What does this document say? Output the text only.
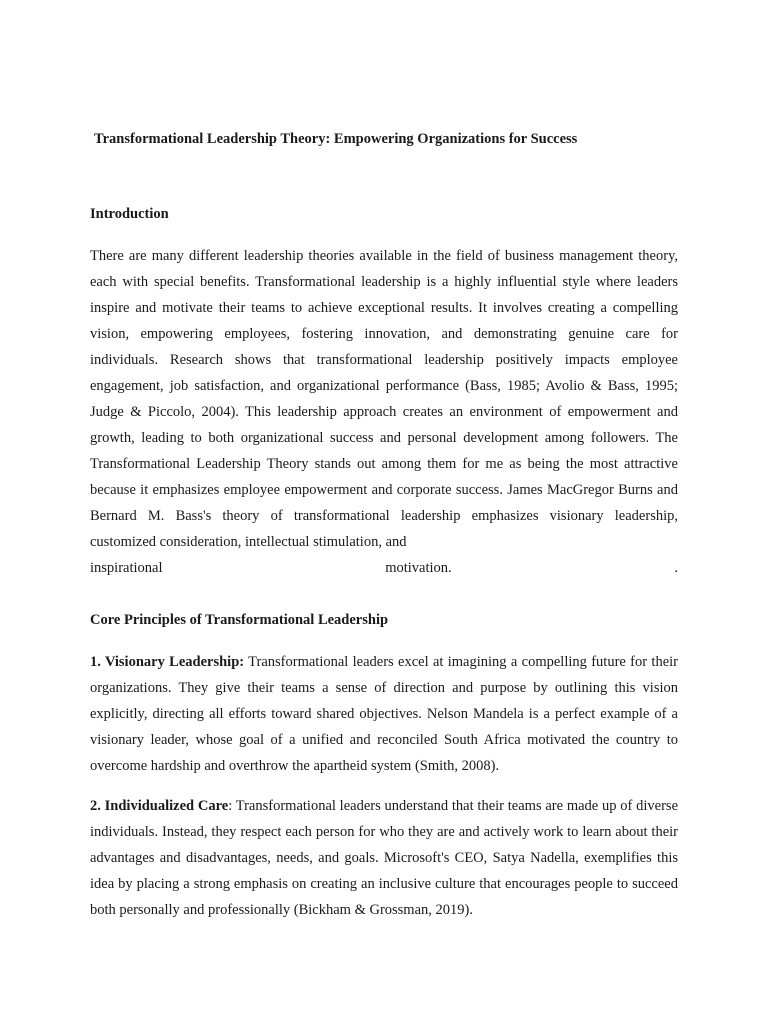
Transformational Leadership Theory: Empowering Organizations for Success
Introduction
There are many different leadership theories available in the field of business management theory, each with special benefits. Transformational leadership is a highly influential style where leaders inspire and motivate their teams to achieve exceptional results. It involves creating a compelling vision, empowering employees, fostering innovation, and demonstrating genuine care for individuals. Research shows that transformational leadership positively impacts employee engagement, job satisfaction, and organizational performance (Bass, 1985; Avolio & Bass, 1995; Judge & Piccolo, 2004). This leadership approach creates an environment of empowerment and growth, leading to both organizational success and personal development among followers. The Transformational Leadership Theory stands out among them for me as being the most attractive because it emphasizes employee empowerment and corporate success. James MacGregor Burns and Bernard M. Bass's theory of transformational leadership emphasizes visionary leadership, customized consideration, intellectual stimulation, and
inspirational	motivation.	.
Core Principles of Transformational Leadership

1. Visionary Leadership: Transformational leaders excel at imagining a compelling future for their organizations. They give their teams a sense of direction and purpose by outlining this vision explicitly, directing all efforts toward shared objectives. Nelson Mandela is a perfect example of a visionary leader, whose goal of a unified and reconciled South Africa motivated the country to overcome hardship and overthrow the apartheid system (Smith, 2008).

2. Individualized Care: Transformational leaders understand that their teams are made up of diverse individuals. Instead, they respect each person for who they are and actively work to learn about their advantages and disadvantages, needs, and goals. Microsoft's CEO, Satya Nadella, exemplifies this idea by placing a strong emphasis on creating an inclusive culture that encourages people to succeed both personally and professionally (Bickham & Grossman, 2019).
